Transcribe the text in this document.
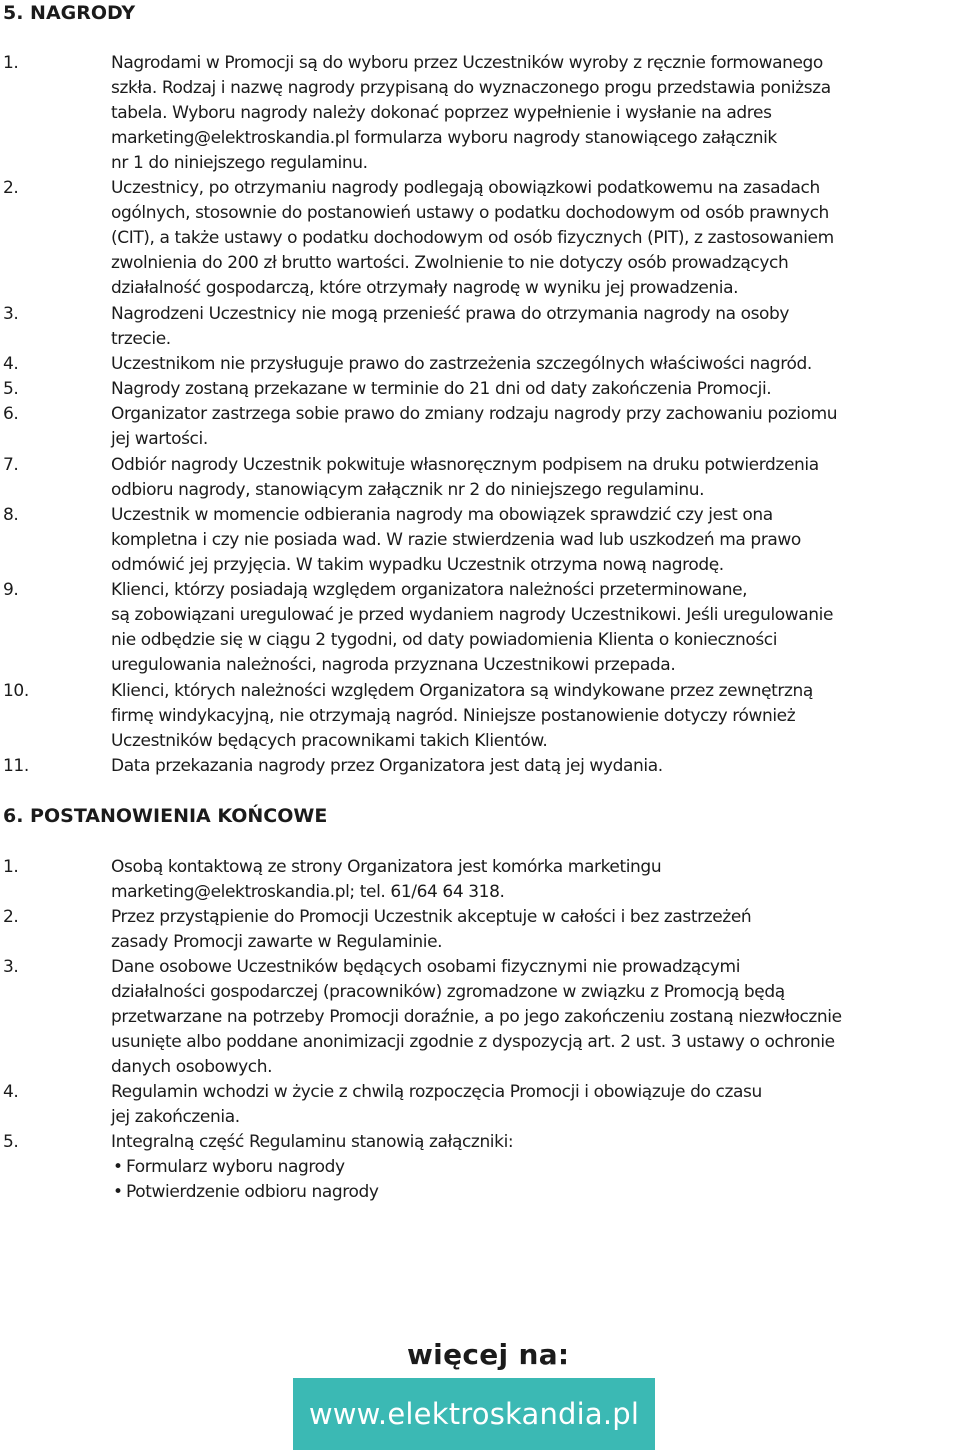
5. NAGRODY
1.	Nagrodami w Promocji są do wyboru przez Uczestników wyroby z ręcznie formowanego
szkła. Rodzaj i nazwę nagrody przypisaną do wyznaczonego progu przedstawia poniższa
tabela. Wyboru nagrody należy dokonać poprzez wypełnienie i wysłanie na adres
marketing@elektroskandia.pl formularza wyboru nagrody stanowiącego załącznik
nr 1 do niniejszego regulaminu.
2.	Uczestnicy, po otrzymaniu nagrody podlegają obowiązkowi podatkowemu na zasadach
ogólnych, stosownie do postanowień ustawy o podatku dochodowym od osób prawnych
(CIT), a także ustawy o podatku dochodowym od osób fizycznych (PIT), z zastosowaniem
zwolnienia do 200 zł brutto wartości. Zwolnienie to nie dotyczy osób prowadzących
działalność gospodarczą, które otrzymały nagrodę w wyniku jej prowadzenia.
3.	Nagrodzeni Uczestnicy nie mogą przenieść prawa do otrzymania nagrody na osoby
trzecie.
4.	Uczestnikom nie przysługuje prawo do zastrzeżenia szczególnych właściwości nagród.
5.	Nagrody zostaną przekazane w terminie do 21 dni od daty zakończenia Promocji.
6.	Organizator zastrzega sobie prawo do zmiany rodzaju nagrody przy zachowaniu poziomu
jej wartości.
7.	Odbiór nagrody Uczestnik pokwituje własnoręcznym podpisem na druku potwierdzenia
odbioru nagrody, stanowiącym załącznik nr 2 do niniejszego regulaminu.
8.	Uczestnik w momencie odbierania nagrody ma obowiązek sprawdzić czy jest ona
kompletna i czy nie posiada wad. W razie stwierdzenia wad lub uszkodzeń ma prawo
odmówić jej przyjęcia. W takim wypadku Uczestnik otrzyma nową nagrodę.
9.	Klienci, którzy posiadają względem organizatora należności przeterminowane,
są zobowiązani uregulować je przed wydaniem nagrody Uczestnikowi. Jeśli uregulowanie
nie odbędzie się w ciągu 2 tygodni, od daty powiadomienia Klienta o konieczności
uregulowania należności, nagroda przyznana Uczestnikowi przepada.
10.	Klienci, których należności względem Organizatora są windykowane przez zewnętrzną
firmę windykacyjną, nie otrzymają nagród. Niniejsze postanowienie dotyczy również
Uczestników będących pracownikami takich Klientów.
11.	Data przekazania nagrody przez Organizatora jest datą jej wydania.
6. POSTANOWIENIA KOŃCOWE
1.	Osobą kontaktową ze strony Organizatora jest komórka marketingu
marketing@elektroskandia.pl; tel. 61/64 64 318.
2.	Przez przystąpienie do Promocji Uczestnik akceptuje w całości i bez zastrzeżeń
zasady Promocji zawarte w Regulaminie.
3.	Dane osobowe Uczestników będących osobami fizycznymi nie prowadzącymi
działalności gospodarczej (pracowników) zgromadzone w związku z Promocją będą
przetwarzane na potrzeby Promocji doraźnie, a po jego zakończeniu zostaną niezwłocznie
usunięte albo poddane anonimizacji zgodnie z dyspozycją art. 2 ust. 3 ustawy o ochronie
danych osobowych.
4.	Regulamin wchodzi w życie z chwilą rozpoczęcia Promocji i obowiązuje do czasu
jej zakończenia.
5.	Integralną część Regulaminu stanowią załączniki:
• Formularz wyboru nagrody
• Potwierdzenie odbioru nagrody
więcej na:
www.elektroskandia.pl
